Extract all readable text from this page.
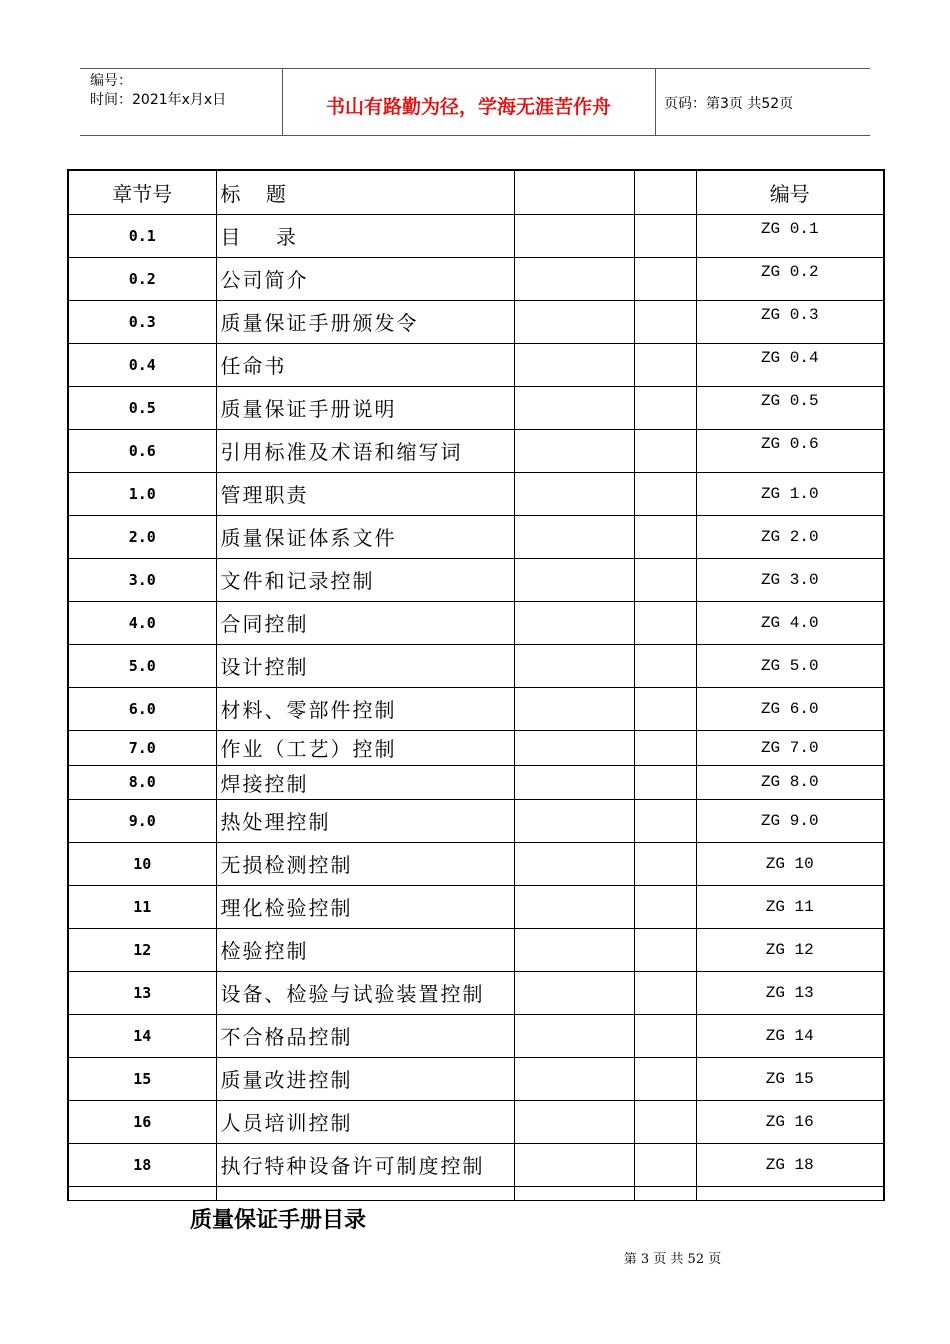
编号：
时间：2021年x月x日	书山有路勤为径，学海无涯苦作舟	页码：第3页 共52页
章节号	标    题			编号
0.1	目    录			ZG 0.1
0.2	公司简介			ZG 0.2
0.3	质量保证手册颁发令			ZG 0.3
0.4	任命书			ZG 0.4
0.5	质量保证手册说明			ZG 0.5
0.6	引用标准及术语和缩写词			ZG 0.6
1.0	管理职责			ZG 1.0
2.0	质量保证体系文件			ZG 2.0
3.0	文件和记录控制			ZG 3.0
4.0	合同控制			ZG 4.0
5.0	设计控制			ZG 5.0
6.0	材料、零部件控制			ZG 6.0
7.0	作业（工艺）控制			ZG 7.0
8.0	焊接控制			ZG 8.0
9.0	热处理控制			ZG 9.0
10	无损检测控制			ZG 10
11	理化检验控制			ZG 11
12	检验控制			ZG 12
13	设备、检验与试验装置控制			ZG 13
14	不合格品控制			ZG 14
15	质量改进控制			ZG 15
16	人员培训控制			ZG 16
18	执行特种设备许可制度控制			ZG 18

质量保证手册目录
第 3 页 共 52 页
